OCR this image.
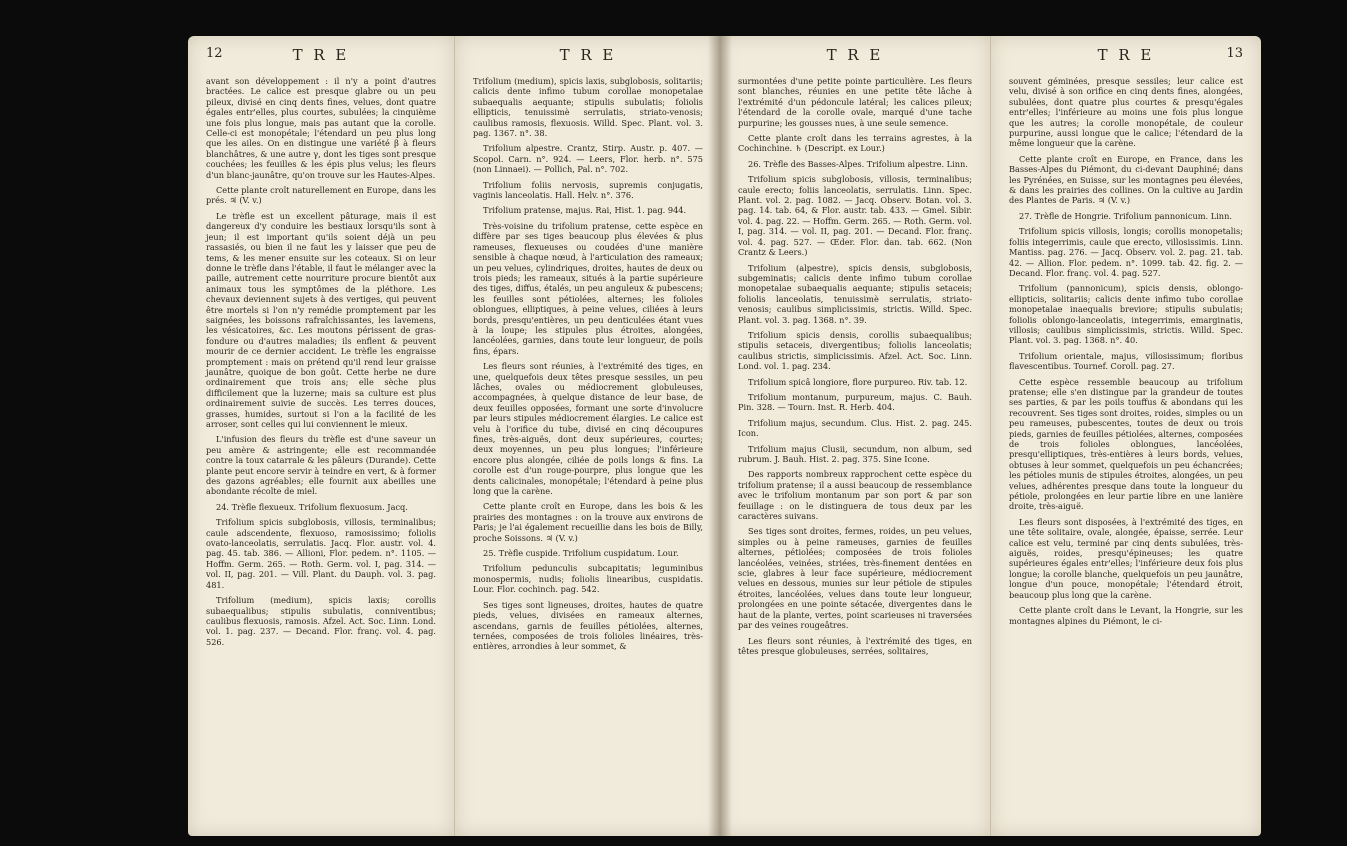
12	T R E

avant son développement : il n'y a point d'autres bractées. Le calice est presque glabre ou un peu pileux, divisé en cinq dents fines, velues, dont quatre égales entr'elles, plus courtes, subulées; la cinquième une fois plus longue, mais pas autant que la corolle. Celle-ci est monopétale; l'étendard un peu plus long que les ailes. On en distingue une variété β à fleurs blanchâtres, & une autre γ, dont les tiges sont presque couchées; les feuilles & les épis plus velus; les fleurs d'un blanc-jaunâtre, qu'on trouve sur les Hautes-Alpes.

Cette plante croît naturellement en Europe, dans les prés. ♃ (V. v.)

Le trèfle est un excellent pâturage, mais il est dangereux d'y conduire les bestiaux lorsqu'ils sont à jeun; il est important qu'ils soient déjà un peu rassasiés, ou bien il ne faut les y laisser que peu de tems, & les mener ensuite sur les coteaux. Si on leur donne le trèfle dans l'étable, il faut le mélanger avec la paille, autrement cette nourriture procure bientôt aux animaux tous les symptômes de la pléthore. Les chevaux deviennent sujets à des vertiges, qui peuvent être mortels si l'on n'y remédie promptement par les saignées, les boissons rafraîchissantes, les lavemens, les vésicatoires, &c. Les moutons périssent de gras-fondure ou d'autres maladies; ils enflent & peuvent mourir de ce dernier accident. Le trèfle les engraisse promptement : mais on prétend qu'il rend leur graisse jaunâtre, quoique de bon goût. Cette herbe ne dure ordinairement que trois ans; elle sèche plus difficilement que la luzerne; mais sa culture est plus ordinairement suivie de succès. Les terres douces, grasses, humides, surtout si l'on a la facilité de les arroser, sont celles qui lui conviennent le mieux.

L'infusion des fleurs du trèfle est d'une saveur un peu amère & astringente; elle est recommandée contre la toux catarrale & les pâleurs (Durande). Cette plante peut encore servir à teindre en vert, & à former des gazons agréables; elle fournit aux abeilles une abondante récolte de miel.

24. Trèfle flexueux. Trifolium flexuosum. Jacq.

Trifolium spicis subglobosis, villosis, terminalibus; caule adscendente, flexuoso, ramosissimo; foliolis ovato-lanceolatis, serrulatis. Jacq. Flor. austr. vol. 4. pag. 45. tab. 386. — Allioni, Flor. pedem. n°. 1105. — Hoffm. Germ. 265. — Roth. Germ. vol. I, pag. 314. — vol. II, pag. 201. — Vill. Plant. du Dauph. vol. 3. pag. 481.

Trifolium (medium), spicis laxis; corollis subaequalibus; stipulis subulatis, conniventibus; caulibus flexuosis, ramosis. Afzel. Act. Soc. Linn. Lond. vol. 1. pag. 237. — Decand. Flor. franç. vol. 4. pag. 526.

T R E

Trifolium (medium), spicis laxis, subglobosis, solitariis; calicis dente infimo tubum corollae monopetalae subaequalis aequante; stipulis subulatis; foliolis ellipticis, tenuissimè serrulatis, striato-venosis; caulibus ramosis, flexuosis. Willd. Spec. Plant. vol. 3. pag. 1367. n°. 38.

Trifolium alpestre. Crantz, Stirp. Austr. p. 407. — Scopol. Carn. n°. 924. — Leers, Flor. herb. n°. 575 (non Linnaei). — Pollich, Pal. n°. 702.

Trifolium foliis nervosis, supremis conjugatis, vaginis lanceolatis. Hall. Helv. n°. 376.

Trifolium pratense, majus. Rai, Hist. 1. pag. 944.

Très-voisine du trifolium pratense, cette espèce en diffère par ses tiges beaucoup plus élevées & plus rameuses, flexueuses ou coudées d'une manière sensible à chaque nœud, à l'articulation des rameaux; un peu velues, cylindriques, droites, hautes de deux ou trois pieds; les rameaux, situés à la partie supérieure des tiges, diffus, étalés, un peu anguleux & pubescens; les feuilles sont pétiolées, alternes; les folioles oblongues, elliptiques, à peine velues, ciliées à leurs bords, presqu'entières, un peu denticulées étant vues à la loupe; les stipules plus étroites, alongées, lancéolées, garnies, dans toute leur longueur, de poils fins, épars.

Les fleurs sont réunies, à l'extrémité des tiges, en une, quelquefois deux têtes presque sessiles, un peu lâches, ovales ou médiocrement globuleuses, accompagnées, à quelque distance de leur base, de deux feuilles opposées, formant une sorte d'involucre par leurs stipules médiocrement élargies. Le calice est velu à l'orifice du tube, divisé en cinq découpures fines, très-aiguës, dont deux supérieures, courtes; deux moyennes, un peu plus longues; l'inférieure encore plus alongée, ciliée de poils longs & fins. La corolle est d'un rouge-pourpre, plus longue que les dents calicinales, monopétale; l'étendard à peine plus long que la carène.

Cette plante croît en Europe, dans les bois & les prairies des montagnes : on la trouve aux environs de Paris; je l'ai également recueillie dans les bois de Billy, proche Soissons. ♃ (V. v.)

25. Trèfle cuspide. Trifolium cuspidatum. Lour.

Trifolium pedunculis subcapitatis; leguminibus monospermis, nudis; foliolis linearibus, cuspidatis. Lour. Flor. cochinch. pag. 542.

Ses tiges sont ligneuses, droites, hautes de quatre pieds, velues, divisées en rameaux alternes, ascendans, garnis de feuilles pétiolées, alternes, ternées, composées de trois folioles linéaires, très-entières, arrondies à leur sommet, &

T R E

surmontées d'une petite pointe particulière. Les fleurs sont blanches, réunies en une petite tête lâche à l'extrémité d'un pédoncule latéral; les calices pileux; l'étendard de la corolle ovale, marqué d'une tache purpurine; les gousses nues, à une seule semence.

Cette plante croît dans les terrains agrestes, à la Cochinchine. ♄ (Descript. ex Lour.)

26. Trèfle des Basses-Alpes. Trifolium alpestre. Linn.

Trifolium spicis subglobosis, villosis, terminalibus; caule erecto; foliis lanceolatis, serrulatis. Linn. Spec. Plant. vol. 2. pag. 1082. — Jacq. Observ. Botan. vol. 3. pag. 14. tab. 64, & Flor. austr. tab. 433. — Gmel. Sibir. vol. 4. pag. 22. — Hoffm. Germ. 265. — Roth. Germ. vol. I, pag. 314. — vol. II, pag. 201. — Decand. Flor. franç. vol. 4. pag. 527. — Œder. Flor. dan. tab. 662. (Non Crantz & Leers.)

Trifolium (alpestre), spicis densis, subglobosis, subgeminatis; calicis dente infimo tubum corollae monopetalae subaequalis aequante; stipulis setaceis; foliolis lanceolatis, tenuissimè serrulatis, striato-venosis; caulibus simplicissimis, strictis. Willd. Spec. Plant. vol. 3. pag. 1368. n°. 39.

Trifolium spicis densis, corollis subaequalibus; stipulis setaceis, divergentibus; foliolis lanceolatis; caulibus strictis, simplicissimis. Afzel. Act. Soc. Linn. Lond. vol. 1. pag. 234.

Trifolium spicâ longiore, flore purpureo. Riv. tab. 12.

Trifolium montanum, purpureum, majus. C. Bauh. Pin. 328. — Tourn. Inst. R. Herb. 404.

Trifolium majus, secundum. Clus. Hist. 2. pag. 245. Icon.

Trifolium majus Clusii, secundum, non album, sed rubrum. J. Bauh. Hist. 2. pag. 375. Sine Icone.

Des rapports nombreux rapprochent cette espèce du trifolium pratense; il a aussi beaucoup de ressemblance avec le trifolium montanum par son port & par son feuillage : on le distinguera de tous deux par les caractères suivans.

Ses tiges sont droites, fermes, roides, un peu velues, simples ou à peine rameuses, garnies de feuilles alternes, pétiolées; composées de trois folioles lancéolées, veinées, striées, très-finement dentées en scie, glabres à leur face supérieure, médiocrement velues en dessous, munies sur leur pétiole de stipules étroites, lancéolées, velues dans toute leur longueur, prolongées en une pointe sétacée, divergentes dans le haut de la plante, vertes, point scarieuses ni traversées par des veines rougeâtres.

Les fleurs sont réunies, à l'extrémité des tiges, en têtes presque globuleuses, serrées, solitaires,

T R E	13

souvent géminées, presque sessiles; leur calice est velu, divisé à son orifice en cinq dents fines, alongées, subulées, dont quatre plus courtes & presqu'égales entr'elles; l'inférieure au moins une fois plus longue que les autres; la corolle monopétale, de couleur purpurine, aussi longue que le calice; l'étendard de la même longueur que la carène.

Cette plante croît en Europe, en France, dans les Basses-Alpes du Piémont, du ci-devant Dauphiné; dans les Pyrénées, en Suisse, sur les montagnes peu élevées, & dans les prairies des collines. On la cultive au Jardin des Plantes de Paris. ♃ (V. v.)

27. Trèfle de Hongrie. Trifolium pannonicum. Linn.

Trifolium spicis villosis, longis; corollis monopetalis; foliis integerrimis, caule que erecto, villosissimis. Linn. Mantiss. pag. 276. — Jacq. Observ. vol. 2. pag. 21. tab. 42. — Allion. Flor. pedem. n°. 1099. tab. 42. fig. 2. — Decand. Flor. franç. vol. 4. pag. 527.

Trifolium (pannonicum), spicis densis, oblongo-ellipticis, solitariis; calicis dente infimo tubo corollae monopetalae inaequalis breviore; stipulis subulatis; foliolis oblongo-lanceolatis, integerrimis, emarginatis, villosis; caulibus simplicissimis, strictis. Willd. Spec. Plant. vol. 3. pag. 1368. n°. 40.

Trifolium orientale, majus, villosissimum; floribus flavescentibus. Tournef. Coroll. pag. 27.

Cette espèce ressemble beaucoup au trifolium pratense; elle s'en distingue par la grandeur de toutes ses parties, & par les poils touffus & abondans qui les recouvrent. Ses tiges sont droites, roides, simples ou un peu rameuses, pubescentes, toutes de deux ou trois pieds, garnies de feuilles pétiolées, alternes, composées de trois folioles oblongues, lancéolées, presqu'elliptiques, très-entières à leurs bords, velues, obtuses à leur sommet, quelquefois un peu échancrées; les pétioles munis de stipules étroites, alongées, un peu velues, adhérentes presque dans toute la longueur du pétiole, prolongées en leur partie libre en une lanière droite, très-aiguë.

Les fleurs sont disposées, à l'extrémité des tiges, en une tête solitaire, ovale, alongée, épaisse, serrée. Leur calice est velu, terminé par cinq dents subulées, très-aiguës, roides, presqu'épineuses; les quatre supérieures égales entr'elles; l'inférieure deux fois plus longue; la corolle blanche, quelquefois un peu jaunâtre, longue d'un pouce, monopétale; l'étendard étroit, beaucoup plus long que la carène.

Cette plante croît dans le Levant, la Hongrie, sur les montagnes alpines du Piémont, le ci-
